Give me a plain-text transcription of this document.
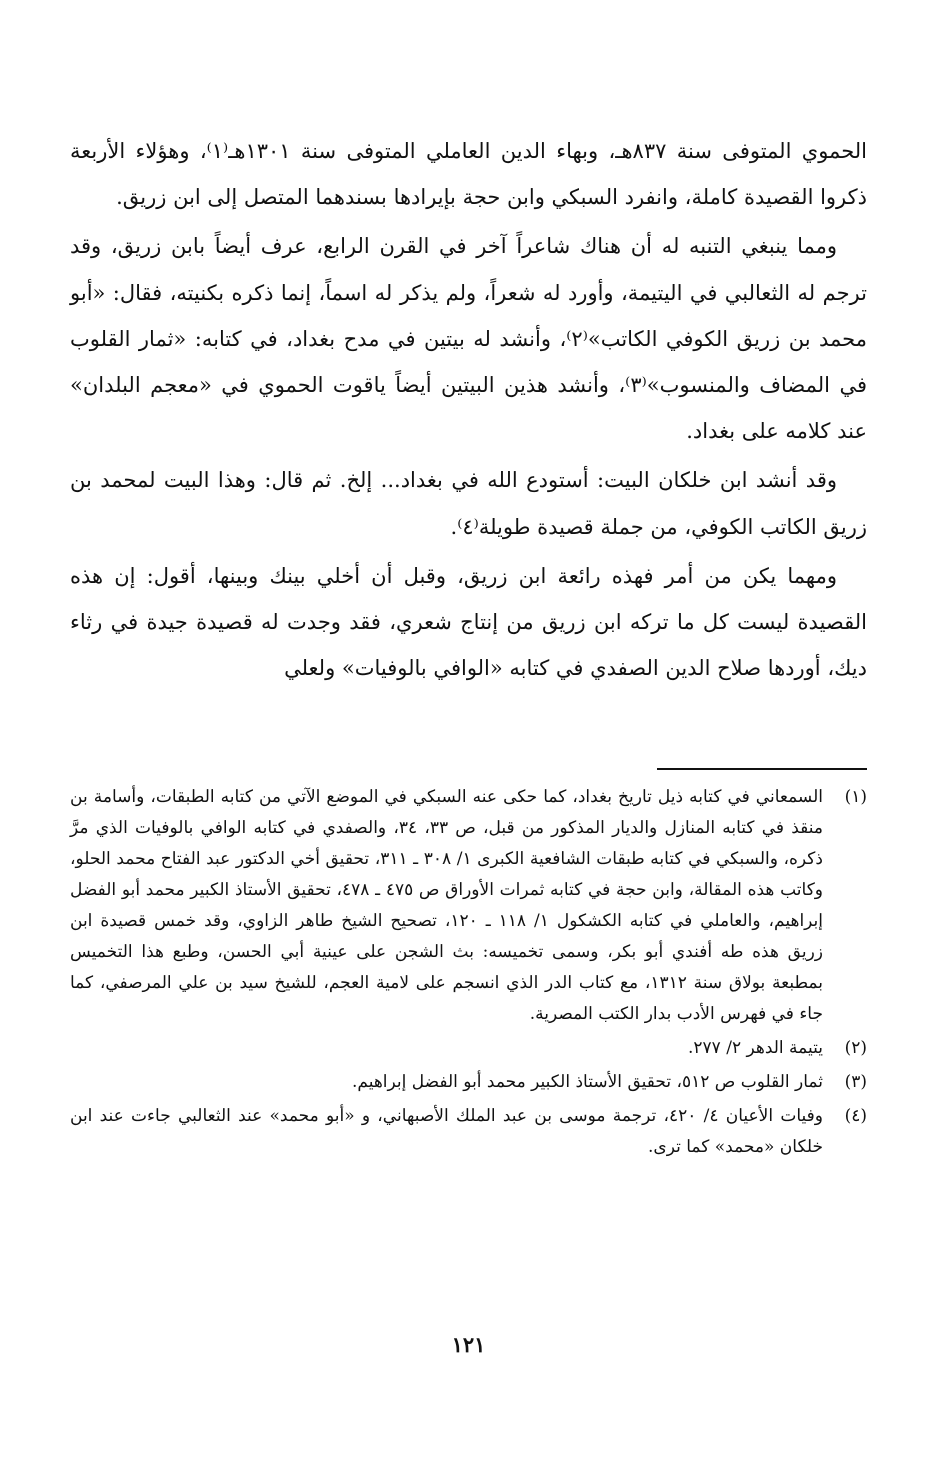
الحموي المتوفى سنة ٨٣٧هـ، وبهاء الدين العاملي المتوفى سنة ١٣٠١هـ⁽١⁾، وهؤلاء الأربعة ذكروا القصيدة كاملة، وانفرد السبكي وابن حجة بإيرادها بسندهما المتصل إلى ابن زريق.

ومما ينبغي التنبه له أن هناك شاعراً آخر في القرن الرابع، عرف أيضاً بابن زريق، وقد ترجم له الثعالبي في اليتيمة، وأورد له شعراً، ولم يذكر له اسماً، إنما ذكره بكنيته، فقال: «أبو محمد بن زريق الكوفي الكاتب»⁽٢⁾، وأنشد له بيتين في مدح بغداد، في كتابه: «ثمار القلوب في المضاف والمنسوب»⁽٣⁾، وأنشد هذين البيتين أيضاً ياقوت الحموي في «معجم البلدان» عند كلامه على بغداد.

وقد أنشد ابن خلكان البيت: أستودع الله في بغداد... إلخ. ثم قال: وهذا البيت لمحمد بن زريق الكاتب الكوفي، من جملة قصيدة طويلة⁽٤⁾.

ومهما يكن من أمر فهذه رائعة ابن زريق، وقبل أن أخلي بينك وبينها، أقول: إن هذه القصيدة ليست كل ما تركه ابن زريق من إنتاج شعري، فقد وجدت له قصيدة جيدة في رثاء ديك، أوردها صلاح الدين الصفدي في كتابه «الوافي بالوفيات» ولعلي

(١)
السمعاني في كتابه ذيل تاريخ بغداد، كما حكى عنه السبكي في الموضع الآتي من كتابه الطبقات، وأسامة بن منقذ في كتابه المنازل والديار المذكور من قبل، ص ٣٣، ٣٤، والصفدي في كتابه الوافي بالوفيات الذي مرَّ ذكره، والسبكي في كتابه طبقات الشافعية الكبرى ١/ ٣٠٨ ـ ٣١١، تحقيق أخي الدكتور عبد الفتاح محمد الحلو، وكاتب هذه المقالة، وابن حجة في كتابه ثمرات الأوراق ص ٤٧٥ ـ ٤٧٨، تحقيق الأستاذ الكبير محمد أبو الفضل إبراهيم، والعاملي في كتابه الكشكول ١/ ١١٨ ـ ١٢٠، تصحيح الشيخ طاهر الزاوي، وقد خمس قصيدة ابن زريق هذه طه أفندي أبو بكر، وسمى تخميسه: بث الشجن على عينية أبي الحسن، وطبع هذا التخميس بمطبعة بولاق سنة ١٣١٢، مع كتاب الدر الذي انسجم على لامية العجم، للشيخ سيد بن علي المرصفي، كما جاء في فهرس الأدب بدار الكتب المصرية.
(٢)
يتيمة الدهر ٢/ ٢٧٧.
(٣)
ثمار القلوب ص ٥١٢، تحقيق الأستاذ الكبير محمد أبو الفضل إبراهيم.
(٤)
وفيات الأعيان ٤/ ٤٢٠، ترجمة موسى بن عبد الملك الأصبهاني، و «أبو محمد» عند الثعالبي جاءت عند ابن خلكان «محمد» كما ترى.
١٢١
